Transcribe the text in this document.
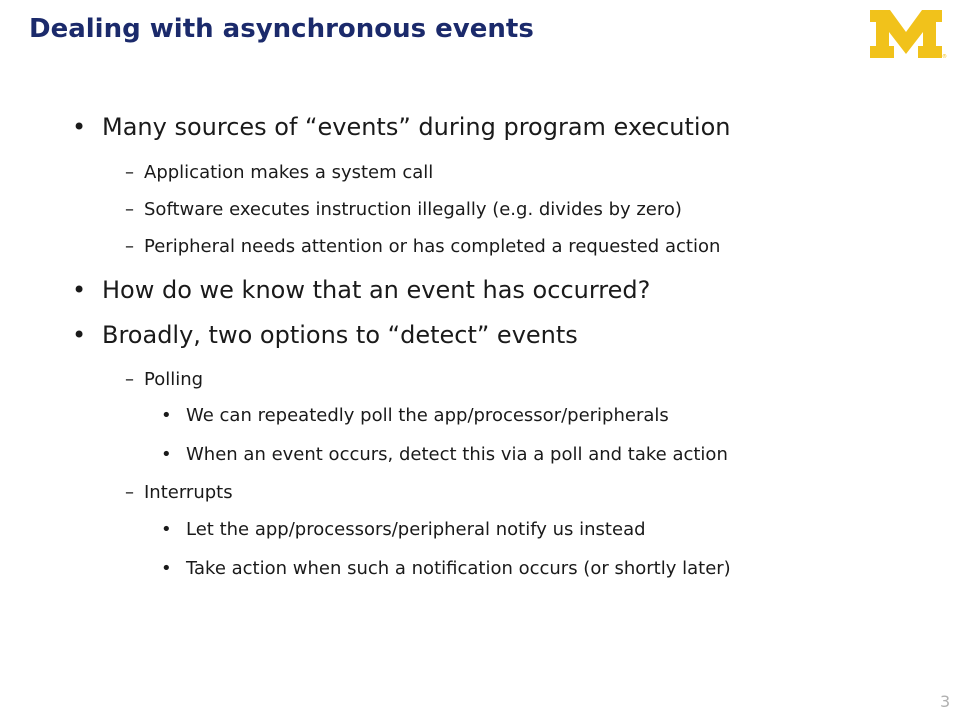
Dealing with asynchronous events
®
• Many sources of “events” during program execution
– Application makes a system call
– Software executes instruction illegally (e.g. divides by zero)
– Peripheral needs attention or has completed a requested action
• How do we know that an event has occurred?
• Broadly, two options to “detect” events
– Polling
• We can repeatedly poll the app/processor/peripherals
• When an event occurs, detect this via a poll and take action
– Interrupts
• Let the app/processors/peripheral notify us instead
• Take action when such a notification occurs (or shortly later)
3
